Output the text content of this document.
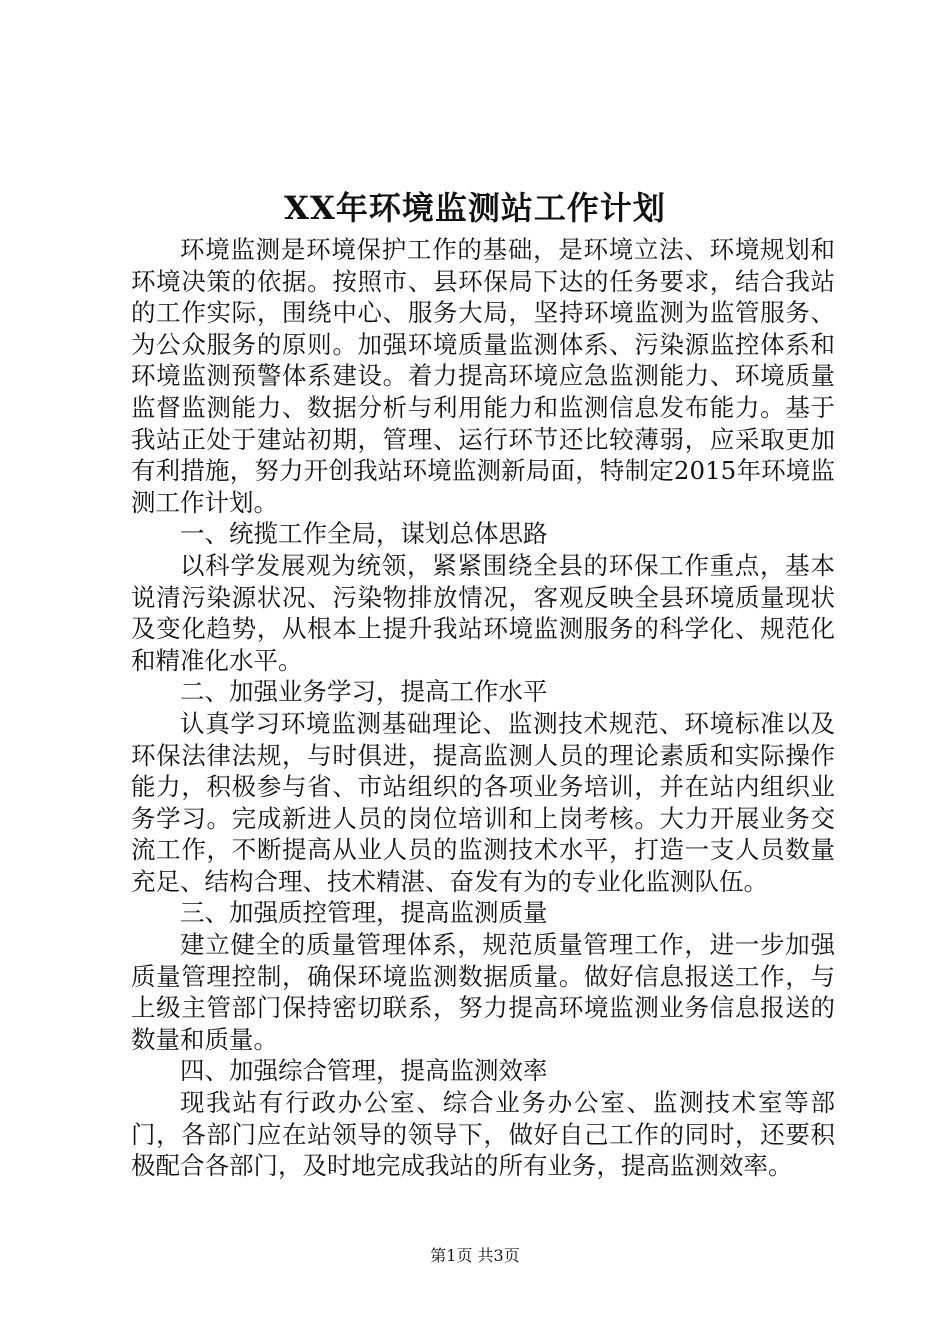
XX年环境监测站工作计划

环境监测是环境保护工作的基础，是环境立法、环境规划和环境决策的依据。按照市、县环保局下达的任务要求，结合我站的工作实际，围绕中心、服务大局，坚持环境监测为监管服务、为公众服务的原则。加强环境质量监测体系、污染源监控体系和环境监测预警体系建设。着力提高环境应急监测能力、环境质量监督监测能力、数据分析与利用能力和监测信息发布能力。基于我站正处于建站初期，管理、运行环节还比较薄弱，应采取更加有利措施，努力开创我站环境监测新局面，特制定2015年环境监测工作计划。

一、统揽工作全局，谋划总体思路

以科学发展观为统领，紧紧围绕全县的环保工作重点，基本说清污染源状况、污染物排放情况，客观反映全县环境质量现状及变化趋势，从根本上提升我站环境监测服务的科学化、规范化和精准化水平。

二、加强业务学习，提高工作水平

认真学习环境监测基础理论、监测技术规范、环境标准以及环保法律法规，与时俱进，提高监测人员的理论素质和实际操作能力，积极参与省、市站组织的各项业务培训，并在站内组织业务学习。完成新进人员的岗位培训和上岗考核。大力开展业务交流工作，不断提高从业人员的监测技术水平，打造一支人员数量充足、结构合理、技术精湛、奋发有为的专业化监测队伍。

三、加强质控管理，提高监测质量

建立健全的质量管理体系，规范质量管理工作，进一步加强质量管理控制，确保环境监测数据质量。做好信息报送工作，与上级主管部门保持密切联系，努力提高环境监测业务信息报送的数量和质量。

四、加强综合管理，提高监测效率

现我站有行政办公室、综合业务办公室、监测技术室等部门，各部门应在站领导的领导下，做好自己工作的同时，还要积极配合各部门，及时地完成我站的所有业务，提高监测效率。

第1页 共3页
